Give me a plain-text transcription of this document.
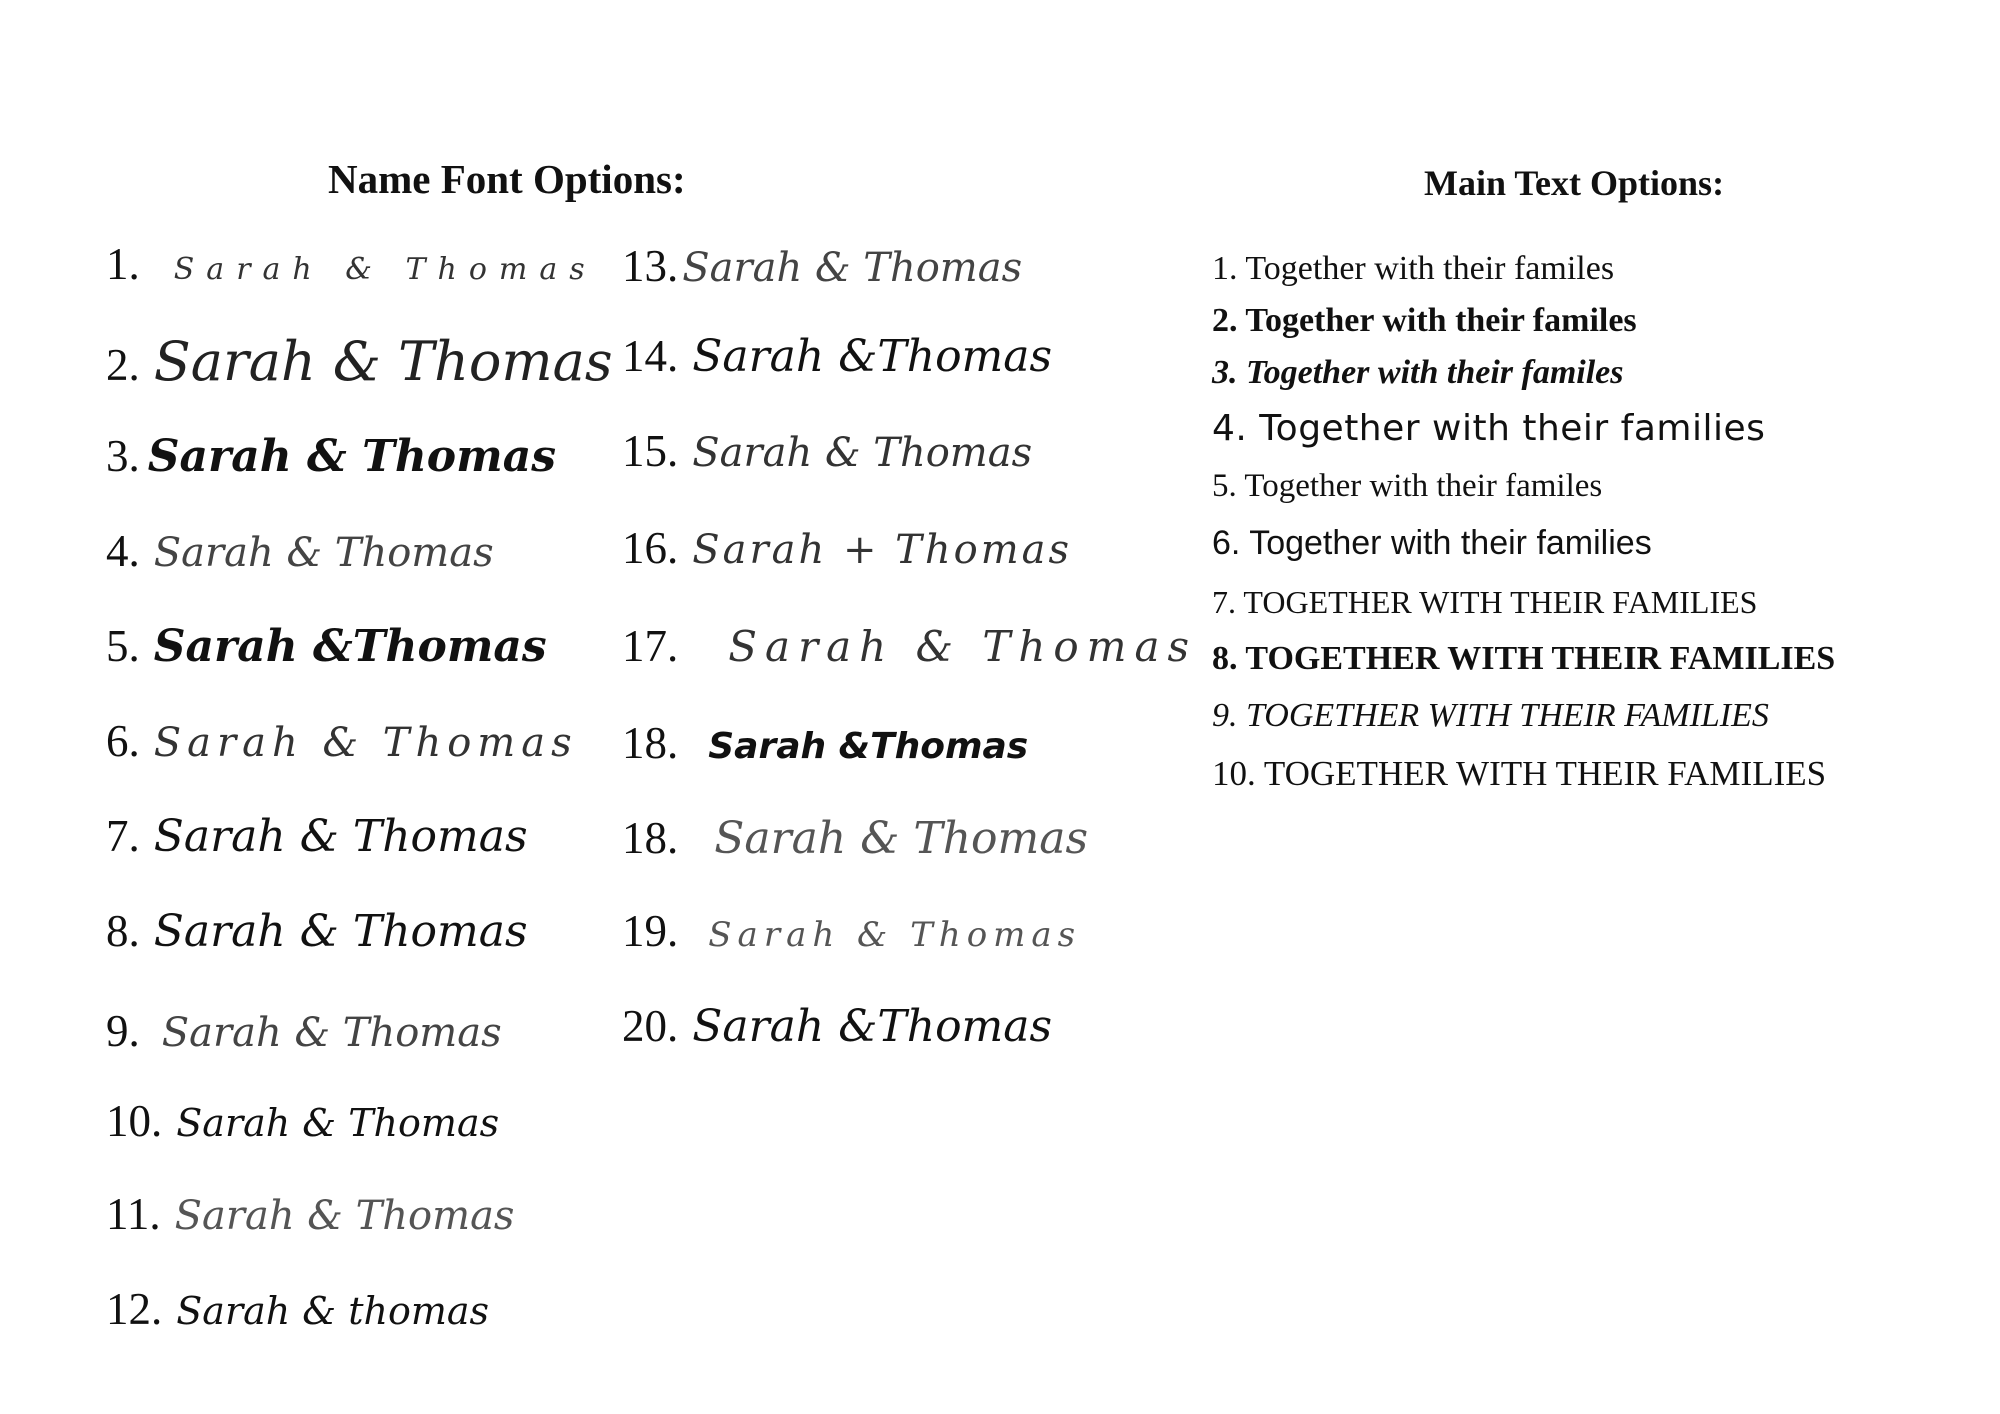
Name Font Options:	Main Text Options:
1. Sarah & Thomas
2. Sarah & Thomas
3. Sarah & Thomas
4. Sarah & Thomas
5. Sarah &Thomas
6. Sarah & Thomas
7. Sarah & Thomas
8. Sarah & Thomas
9. Sarah & Thomas
10. Sarah & Thomas
11. Sarah & Thomas
12. Sarah & thomas
13. Sarah & Thomas
14. Sarah &Thomas
15. Sarah & Thomas
16. Sarah + Thomas
17. Sarah & Thomas
18. Sarah &Thomas
18. Sarah & Thomas
19. Sarah & Thomas
20. Sarah &Thomas
1. Together with their familes
2. Together with their familes
3. Together with their familes
4. Together with their families
5. Together with their familes
6. Together with their families
7. TOGETHER WITH THEIR FAMILIES
8. TOGETHER WITH THEIR FAMILIES
9. TOGETHER WITH THEIR FAMILIES
10. TOGETHER WITH THEIR FAMILIES
